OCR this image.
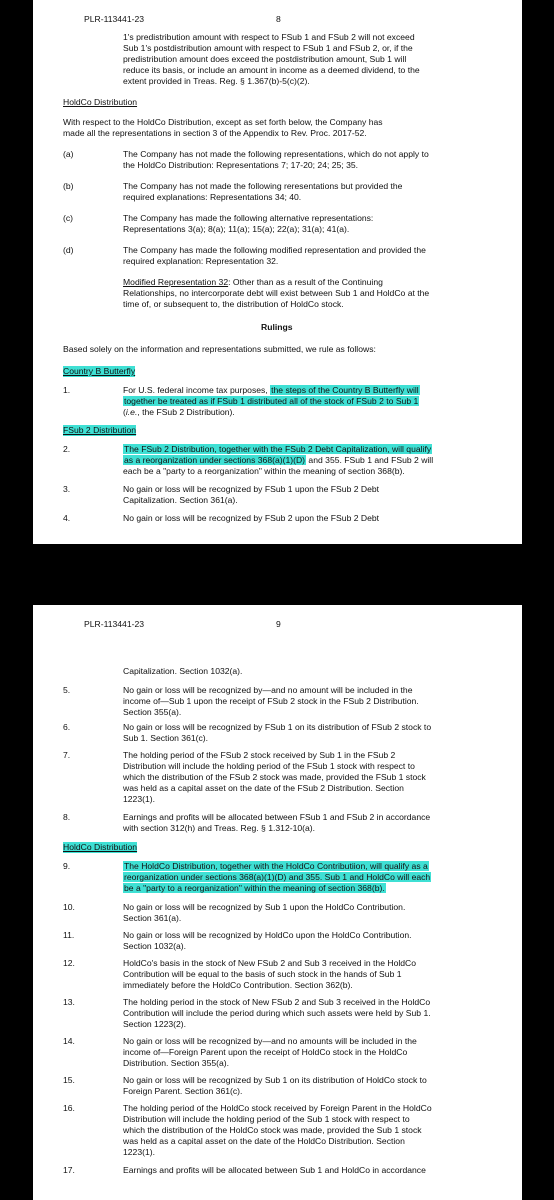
PLR-113441-23	8
1's predistribution amount with respect to FSub 1 and FSub 2 will not exceed
Sub 1's postdistribution amount with respect to FSub 1 and FSub 2, or, if the
predistribution amount does exceed the postdistribution amount, Sub 1 will
reduce its basis, or include an amount in income as a deemed dividend, to the
extent provided in Treas. Reg. § 1.367(b)-5(c)(2).
HoldCo Distribution
With respect to the HoldCo Distribution, except as set forth below, the Company has
made all the representations in section 3 of the Appendix to Rev. Proc. 2017-52.
(a)	The Company has not made the following representations, which do not apply to
the HoldCo Distribution: Representations 7; 17-20; 24; 25; 35.
(b)	The Company has not made the following reresentations but provided the
required explanations: Representations 34; 40.
(c)	The Company has made the following alternative representations:
Representations 3(a); 8(a); 11(a); 15(a); 22(a); 31(a); 41(a).
(d)	The Company has made the following modified representation and provided the
required explanation: Representation 32.
Modified Representation 32: Other than as a result of the Continuing
Relationships, no intercorporate debt will exist between Sub 1 and HoldCo at the
time of, or subsequent to, the distribution of HoldCo stock.
Rulings
Based solely on the information and representations submitted, we rule as follows:
Country B Butterfly
1.	For U.S. federal income tax purposes, the steps of the Country B Butterfly will
together be treated as if FSub 1 distributed all of the stock of FSub 2 to Sub 1
(i.e., the FSub 2 Distribution).
FSub 2 Distribution
2.	The FSub 2 Distribution, together with the FSub 2 Debt Capitalization, will qualify
as a reorganization under sections 368(a)(1)(D) and 355. FSub 1 and FSub 2 will
each be a "party to a reorganization" within the meaning of section 368(b).
3.	No gain or loss will be recognized by FSub 1 upon the FSub 2 Debt
Capitalization. Section 361(a).
4.	No gain or loss will be recognized by FSub 2 upon the FSub 2 Debt
PLR-113441-23	9
Capitalization. Section 1032(a).
5.	No gain or loss will be recognized by—and no amount will be included in the
income of—Sub 1 upon the receipt of FSub 2 stock in the FSub 2 Distribution.
Section 355(a).
6.	No gain or loss will be recognized by FSub 1 on its distribution of FSub 2 stock to
Sub 1. Section 361(c).
7.	The holding period of the FSub 2 stock received by Sub 1 in the FSub 2
Distribution will include the holding period of the FSub 1 stock with respect to
which the distribution of the FSub 2 stock was made, provided the FSub 1 stock
was held as a capital asset on the date of the FSub 2 Distribution. Section
1223(1).
8.	Earnings and profits will be allocated between FSub 1 and FSub 2 in accordance
with section 312(h) and Treas. Reg. § 1.312-10(a).
HoldCo Distribution
9.	The HoldCo Distribution, together with the HoldCo Contributiion, will qualify as a
reorganization under sections 368(a)(1)(D) and 355. Sub 1 and HoldCo will each
be a "party to a reorganization" within the meaning of section 368(b).
10.	No gain or loss will be recognized by Sub 1 upon the HoldCo Contribution.
Section 361(a).
11.	No gain or loss will be recognized by HoldCo upon the HoldCo Contribution.
Section 1032(a).
12.	HoldCo's basis in the stock of New FSub 2 and Sub 3 received in the HoldCo
Contribution will be equal to the basis of such stock in the hands of Sub 1
immediately before the HoldCo Contribution. Section 362(b).
13.	The holding period in the stock of New FSub 2 and Sub 3 received in the HoldCo
Contribution will include the period during which such assets were held by Sub 1.
Section 1223(2).
14.	No gain or loss will be recognized by—and no amounts will be included in the
income of—Foreign Parent upon the receipt of HoldCo stock in the HoldCo
Distribution. Section 355(a).
15.	No gain or loss will be recognized by Sub 1 on its distribution of HoldCo stock to
Foreign Parent. Section 361(c).
16.	The holding period of the HoldCo stock received by Foreign Parent in the HoldCo
Distribution will include the holding period of the Sub 1 stock with respect to
which the distribution of the HoldCo stock was made, provided the Sub 1 stock
was held as a capital asset on the date of the HoldCo Distribution. Section
1223(1).
17.	Earnings and profits will be allocated between Sub 1 and HoldCo in accordance
